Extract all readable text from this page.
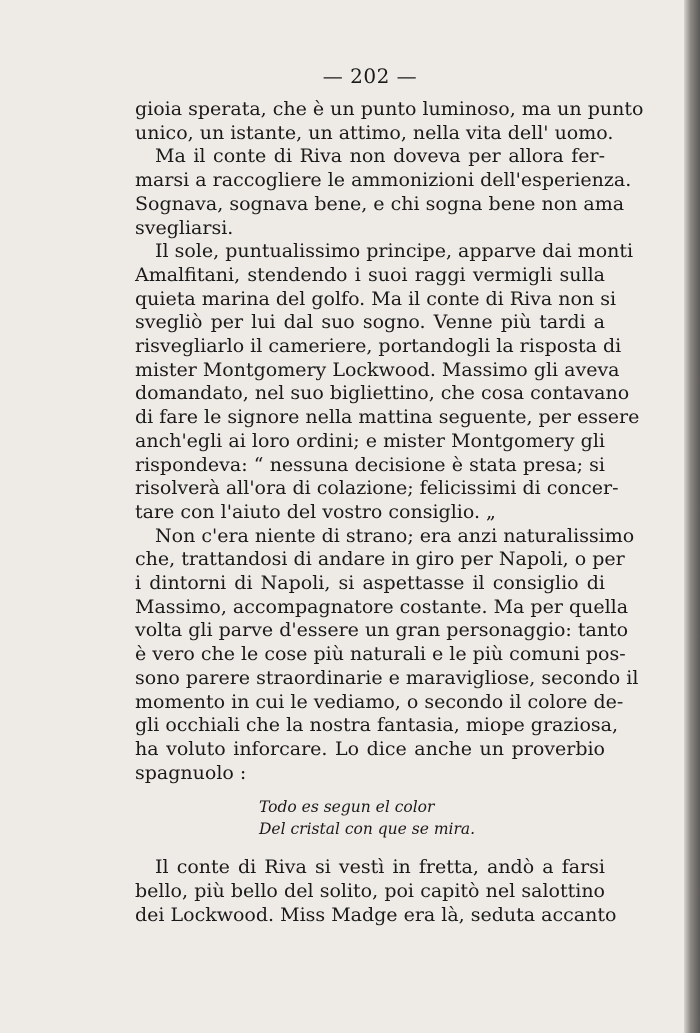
— 202 —
gioia sperata, che è un punto luminoso, ma un punto
unico, un istante, un attimo, nella vita dell' uomo.
Ma il conte di Riva non doveva per allora fer-
marsi a raccogliere le ammonizioni dell'esperienza.
Sognava, sognava bene, e chi sogna bene non ama
svegliarsi.
Il sole, puntualissimo principe, apparve dai monti
Amalfitani, stendendo i suoi raggi vermigli sulla
quieta marina del golfo. Ma il conte di Riva non si
svegliò per lui dal suo sogno. Venne più tardi a
risvegliarlo il cameriere, portandogli la risposta di
mister Montgomery Lockwood. Massimo gli aveva
domandato, nel suo bigliettino, che cosa contavano
di fare le signore nella mattina seguente, per essere
anch'egli ai loro ordini; e mister Montgomery gli
rispondeva: “ nessuna decisione è stata presa; si
risolverà all'ora di colazione; felicissimi di concer-
tare con l'aiuto del vostro consiglio. „
Non c'era niente di strano; era anzi naturalissimo
che, trattandosi di andare in giro per Napoli, o per
i dintorni di Napoli, si aspettasse il consiglio di
Massimo, accompagnatore costante. Ma per quella
volta gli parve d'essere un gran personaggio: tanto
è vero che le cose più naturali e le più comuni pos-
sono parere straordinarie e maravigliose, secondo il
momento in cui le vediamo, o secondo il colore de-
gli occhiali che la nostra fantasia, miope graziosa,
ha voluto inforcare. Lo dice anche un proverbio
spagnuolo :
Todo es segun el color
Del cristal con que se mira.
Il conte di Riva si vestì in fretta, andò a farsi
bello, più bello del solito, poi capitò nel salottino
dei Lockwood. Miss Madge era là, seduta accanto
